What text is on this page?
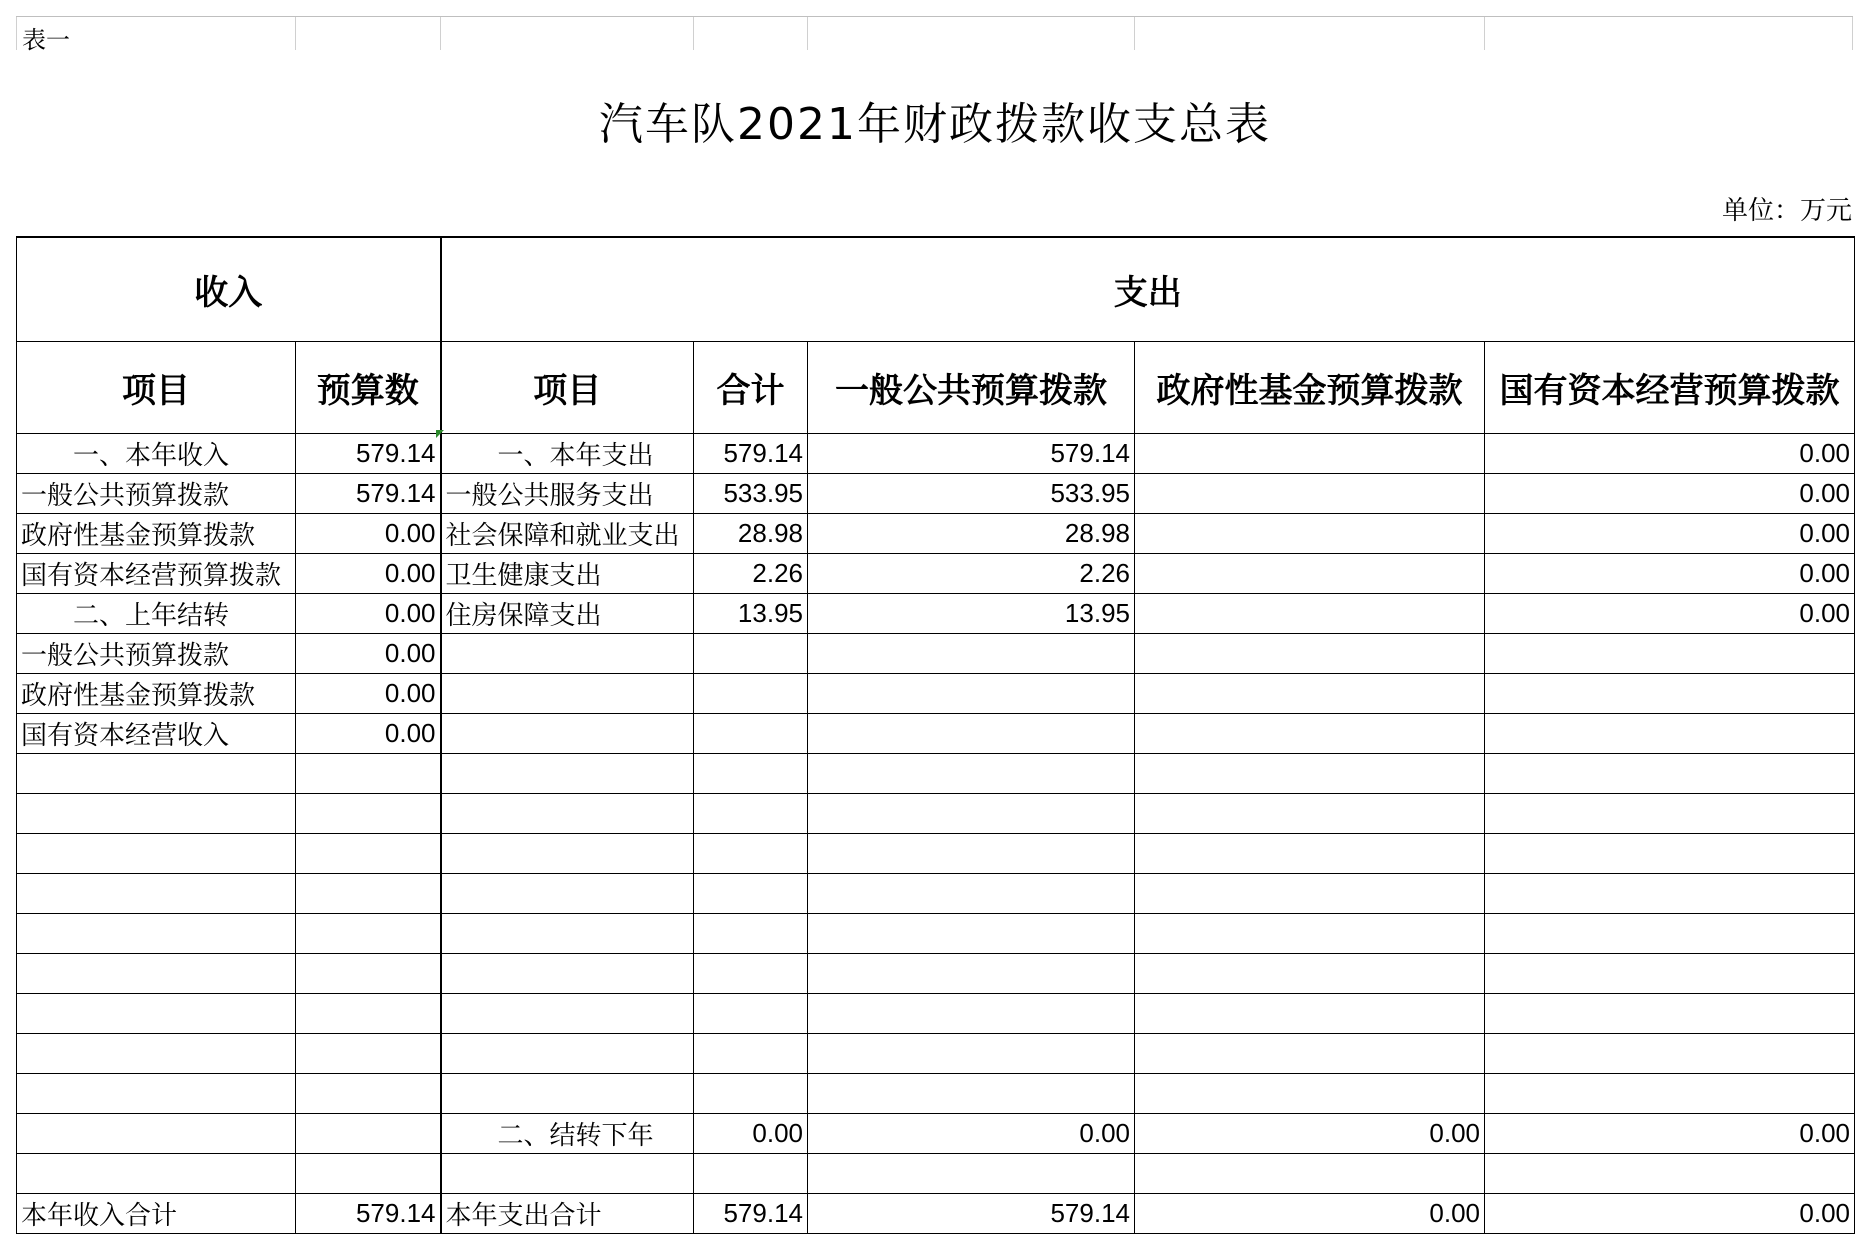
表一
汽车队2021年财政拨款收支总表
单位：万元
收入		支出				
项目	预算数	项目	合计	一般公共预算拨款	政府性基金预算拨款	国有资本经营预算拨款
一、本年收入	579.14	一、本年支出	579.14	579.14		0.00
一般公共预算拨款	579.14	一般公共服务支出	533.95	533.95		0.00
政府性基金预算拨款	0.00	社会保障和就业支出	28.98	28.98		0.00
国有资本经营预算拨款	0.00	卫生健康支出	2.26	2.26		0.00
二、上年结转	0.00	住房保障支出	13.95	13.95		0.00
一般公共预算拨款	0.00					
政府性基金预算拨款	0.00					
国有资本经营收入	0.00					

		二、结转下年	0.00	0.00	0.00	0.00

本年收入合计	579.14	本年支出合计	579.14	579.14	0.00	0.00
